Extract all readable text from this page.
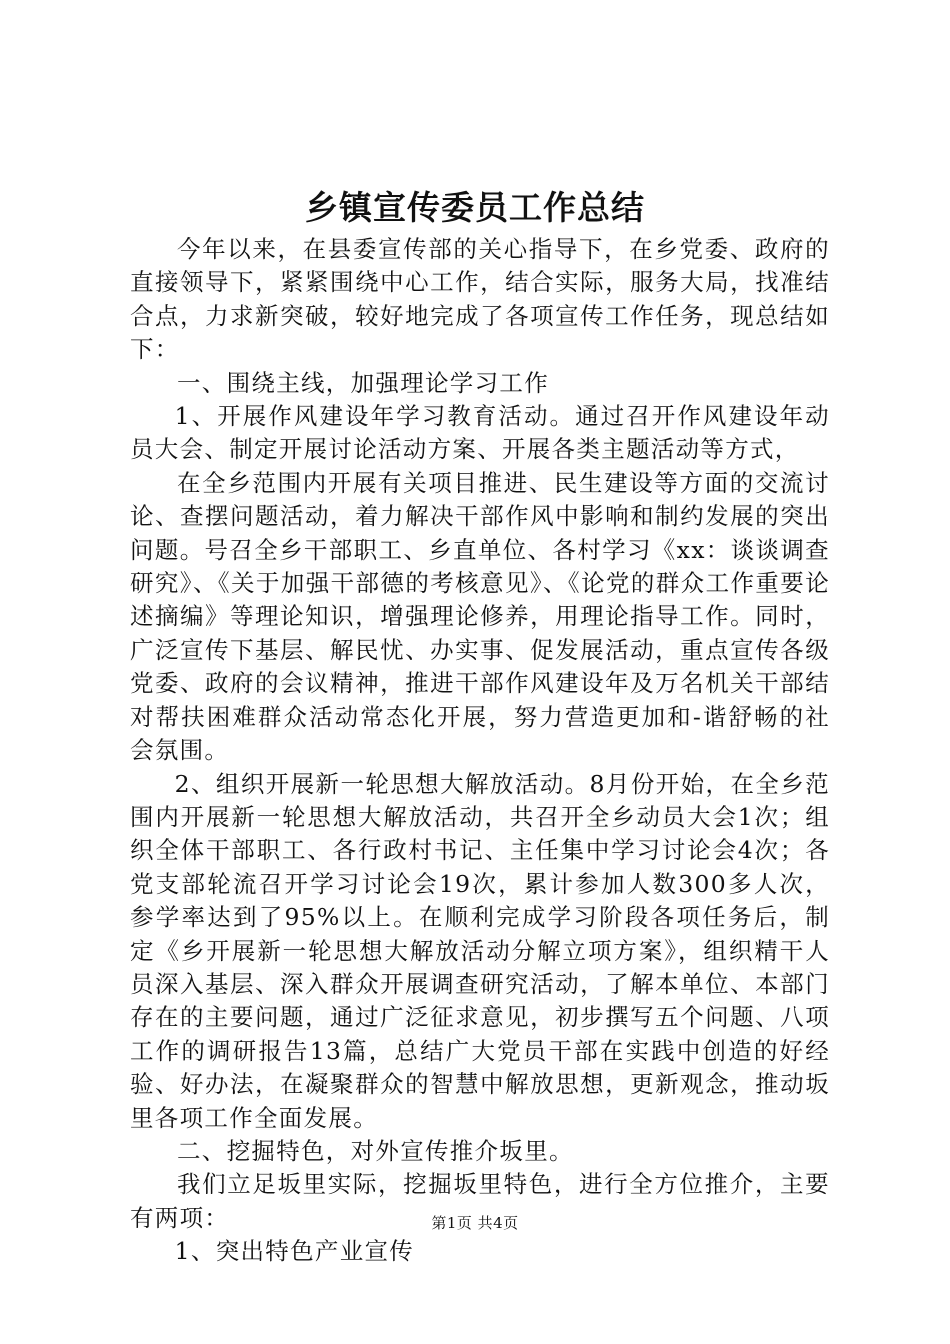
乡镇宣传委员工作总结

今年以来，在县委宣传部的关心指导下，在乡党委、政府的直接领导下，紧紧围绕中心工作，结合实际，服务大局，找准结合点，力求新突破，较好地完成了各项宣传工作任务，现总结如下：

一、围绕主线，加强理论学习工作

1、开展作风建设年学习教育活动。通过召开作风建设年动员大会、制定开展讨论活动方案、开展各类主题活动等方式，

在全乡范围内开展有关项目推进、民生建设等方面的交流讨论、查摆问题活动，着力解决干部作风中影响和制约发展的突出问题。号召全乡干部职工、乡直单位、各村学习《xx：谈谈调查研究》、《关于加强干部德的考核意见》、《论党的群众工作重要论述摘编》等理论知识，增强理论修养，用理论指导工作。同时，广泛宣传下基层、解民忧、办实事、促发展活动，重点宣传各级党委、政府的会议精神，推进干部作风建设年及万名机关干部结对帮扶困难群众活动常态化开展，努力营造更加和-谐舒畅的社会氛围。

2、组织开展新一轮思想大解放活动。8月份开始，在全乡范围内开展新一轮思想大解放活动，共召开全乡动员大会1次；组织全体干部职工、各行政村书记、主任集中学习讨论会4次；各党支部轮流召开学习讨论会19次，累计参加人数300多人次，参学率达到了95%以上。在顺利完成学习阶段各项任务后，制定《乡开展新一轮思想大解放活动分解立项方案》，组织精干人员深入基层、深入群众开展调查研究活动，了解本单位、本部门存在的主要问题，通过广泛征求意见，初步撰写五个问题、八项工作的调研报告13篇，总结广大党员干部在实践中创造的好经验、好办法，在凝聚群众的智慧中解放思想，更新观念，推动坂里各项工作全面发展。

二、挖掘特色，对外宣传推介坂里。

我们立足坂里实际，挖掘坂里特色，进行全方位推介，主要有两项：

1、突出特色产业宣传

第1页 共4页
